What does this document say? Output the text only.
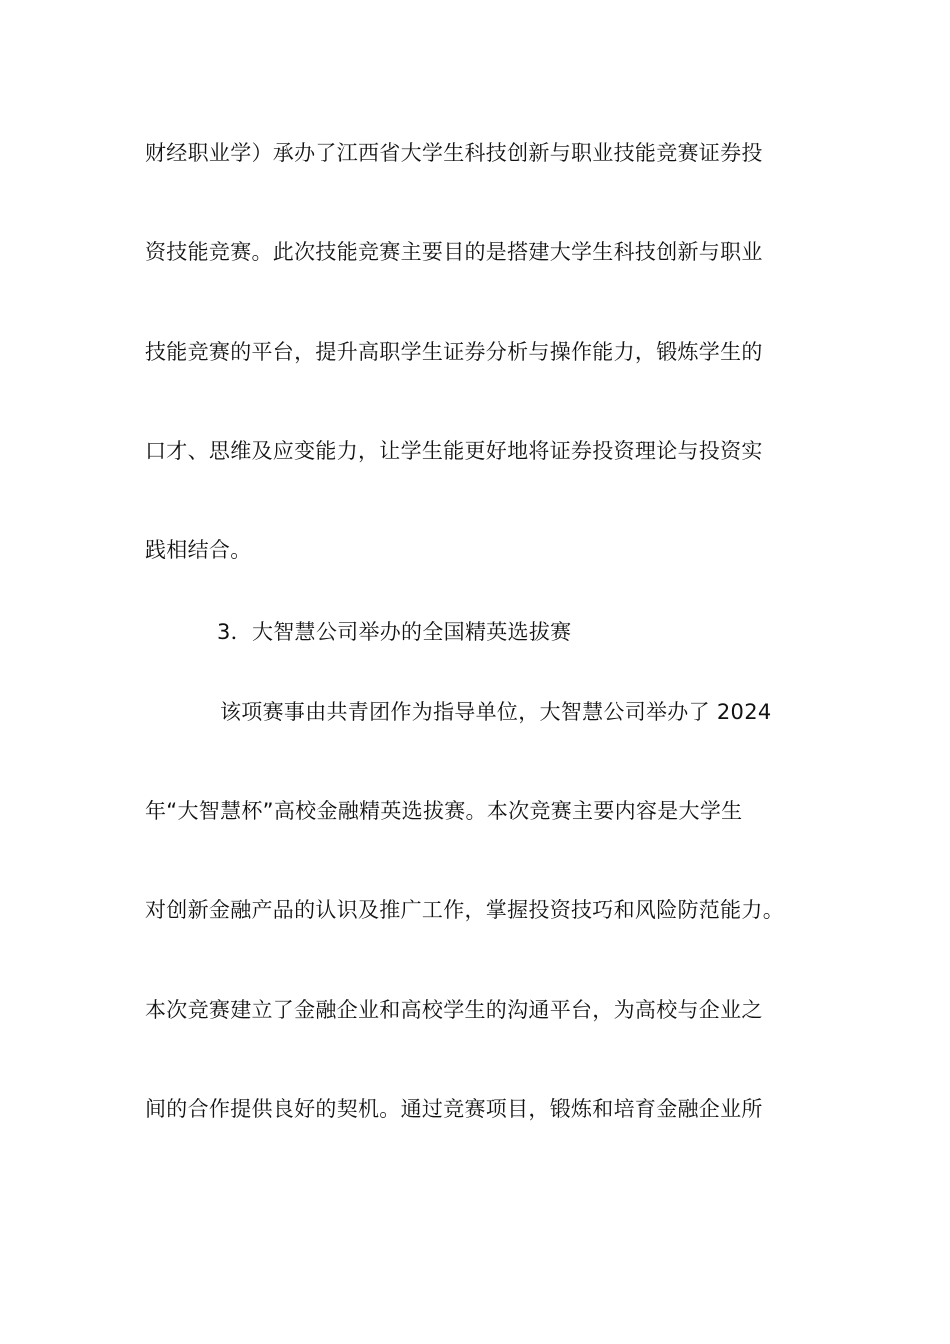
财经职业学）承办了江西省大学生科技创新与职业技能竞赛证券投
资技能竞赛。此次技能竞赛主要目的是搭建大学生科技创新与职业
技能竞赛的平台，提升高职学生证券分析与操作能力，锻炼学生的
口才、思维及应变能力，让学生能更好地将证券投资理论与投资实
践相结合。
3．大智慧公司举办的全国精英选拔赛
该项赛事由共青团作为指导单位，大智慧公司举办了 2024
年“大智慧杯”高校金融精英选拔赛。本次竞赛主要内容是大学生
对创新金融产品的认识及推广工作，掌握投资技巧和风险防范能力。
本次竞赛建立了金融企业和高校学生的沟通平台，为高校与企业之
间的合作提供良好的契机。通过竞赛项目，锻炼和培育金融企业所
